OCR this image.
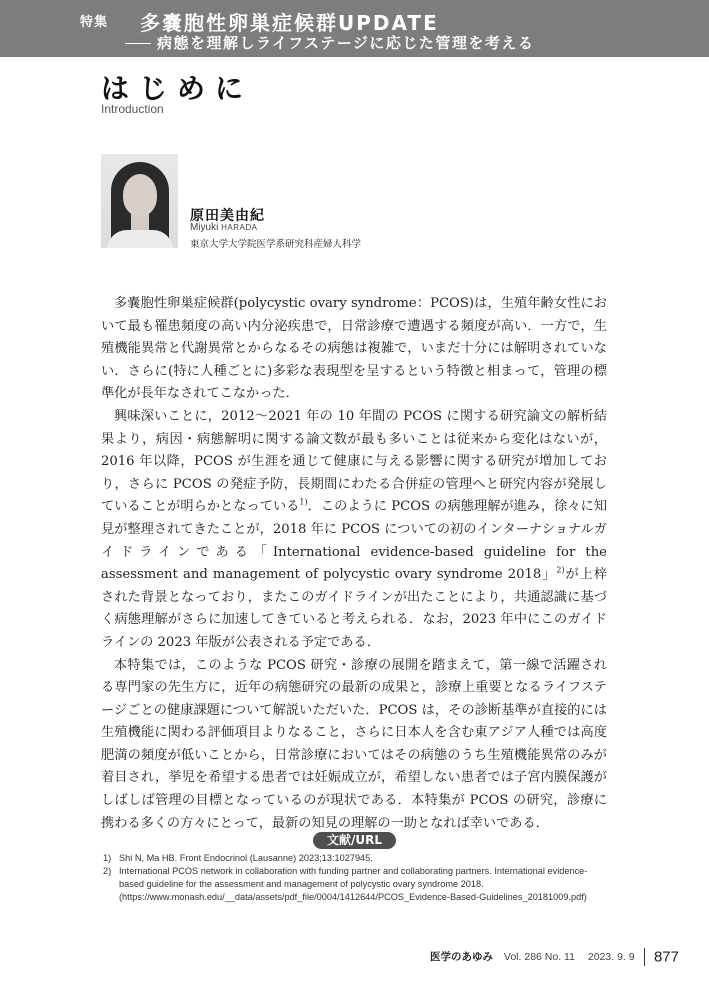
特集 多嚢胞性卵巣症候群UPDATE
病態を理解しライフステージに応じた管理を考える
はじめに
Introduction
原田美由紀
Miyuki HARADA
東京大学大学院医学系研究科産婦人科学

多嚢胞性卵巣症候群(polycystic ovary syndrome：PCOS)は，生殖年齢女性において最も罹患頻度の高い内分泌疾患で，日常診療で遭遇する頻度が高い．一方で，生殖機能異常と代謝異常とからなるその病態は複雑で，いまだ十分には解明されていない．さらに(特に人種ごとに)多彩な表現型を呈するという特徴と相まって，管理の標準化が長年なされてこなかった．

興味深いことに，2012〜2021 年の 10 年間の PCOS に関する研究論文の解析結果より，病因・病態解明に関する論文数が最も多いことは従来から変化はないが，2016 年以降，PCOS が生涯を通じて健康に与える影響に関する研究が増加しており，さらに PCOS の発症予防，長期間にわたる合併症の管理へと研究内容が発展していることが明らかとなっている$^{1)}$．このように PCOS の病態理解が進み，徐々に知見が整理されてきたことが，2018 年に PCOS についての初のインターナショナルガイドラインである「International evidence-based guideline for the assessment and management of polycystic ovary syndrome 2018」$^{2)}$が上梓された背景となっており，またこのガイドラインが出たことにより，共通認識に基づく病態理解がさらに加速してきていると考えられる．なお，2023 年中にこのガイドラインの 2023 年版が公表される予定である．

本特集では，このような PCOS 研究・診療の展開を踏まえて，第一線で活躍される専門家の先生方に，近年の病態研究の最新の成果と，診療上重要となるライフステージごとの健康課題について解説いただいた．PCOS は，その診断基準が直接的には生殖機能に関わる評価項目よりなること，さらに日本人を含む東アジア人種では高度肥満の頻度が低いことから，日常診療においてはその病態のうち生殖機能異常のみが着目され，挙児を希望する患者では妊娠成立が，希望しない患者では子宮内膜保護がしばしば管理の目標となっているのが現状である．本特集が PCOS の研究，診療に携わる多くの方々にとって，最新の知見の理解の一助となれば幸いである．

文献/URL
1) Shi N, Ma HB. Front Endocrinol (Lausanne) 2023;13:1027945.
2) International PCOS network in collaboration with funding partner and collaborating partners. International evidence-based guideline for the assessment and management of polycystic ovary syndrome 2018. (https://www.monash.edu/__data/assets/pdf_file/0004/1412644/PCOS_Evidence-Based-Guidelines_20181009.pdf)
医学のあゆみ Vol. 286 No. 11 2023. 9. 9 877
